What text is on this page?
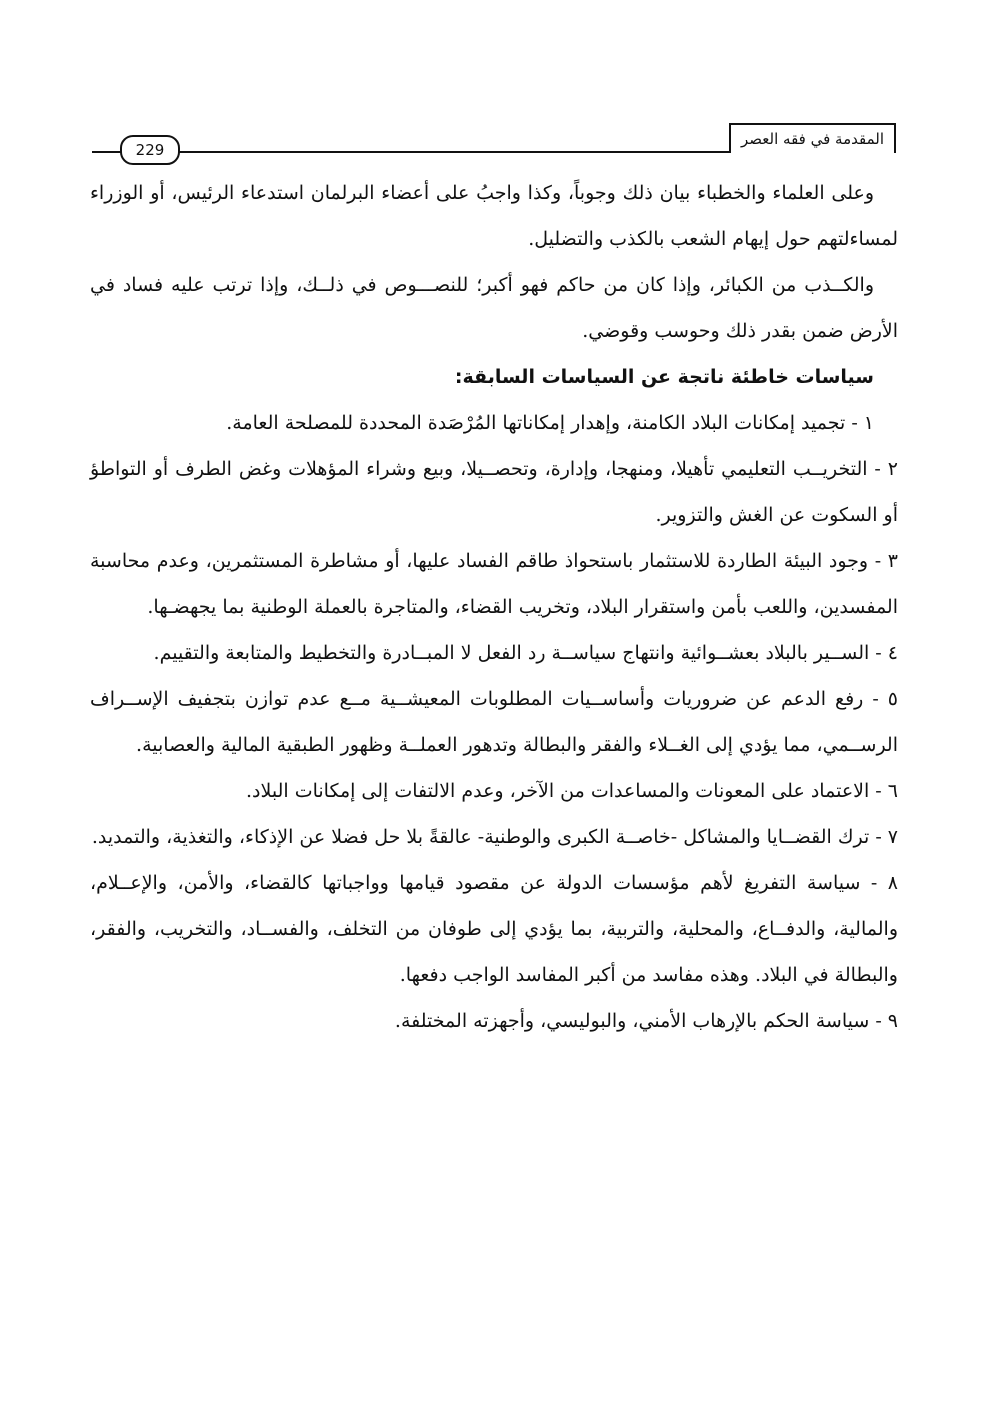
المقدمة في فقه العصر
229

وعلى العلماء والخطباء بيان ذلك وجوباً، وكذا واجبُ على أعضاء البرلمان استدعاء الرئيس، أو الوزراء لمساءلتهم حول إيهام الشعب بالكذب والتضليل.

والكــذب من الكبائر، وإذا كان من حاكم فهو أكبر؛ للنصـــوص في ذلــك، وإذا ترتب عليه فساد في الأرض ضمن بقدر ذلك وحوسب وقوضي.

سياسات خاطئة ناتجة عن السياسات السابقة:

١ - تجميد إمكانات البلاد الكامنة، وإهدار إمكاناتها المُرْصَدة المحددة للمصلحة العامة.

٢ - التخريــب التعليمي تأهيلا، ومنهجا، وإدارة، وتحصــيلا، وبيع وشراء المؤهلات وغض الطرف أو التواطؤ أو السكوت عن الغش والتزوير.

٣ - وجود البيئة الطاردة للاستثمار باستحواذ طاقم الفساد عليها، أو مشاطرة المستثمرين، وعدم محاسبة المفسدين، واللعب بأمن واستقرار البلاد، وتخريب القضاء، والمتاجرة بالعملة الوطنية بما يجهضـها.

٤ - الســير بالبلاد بعشــوائية وانتهاج سياســة رد الفعل لا المبــادرة والتخطيط والمتابعة والتقييم.

٥ - رفع الدعم عن ضروريات وأساســيات المطلوبات المعيشــية مــع عدم توازن بتجفيف الإســراف الرســمي، مما يؤدي إلى الغــلاء والفقر والبطالة وتدهور العملــة وظهور الطبقية المالية والعصابية.

٦ - الاعتماد على المعونات والمساعدات من الآخر، وعدم الالتفات إلى إمكانات البلاد.

٧ - ترك القضــايا والمشاكل -خاصــة الكبرى والوطنية- عالقةً بلا حل فضلا عن الإذكاء، والتغذية، والتمديد.

٨ - سياسة التفريغ لأهم مؤسسات الدولة عن مقصود قيامها وواجباتها كالقضاء، والأمن، والإعــلام، والمالية، والدفــاع، والمحلية، والتربية، بما يؤدي إلى طوفان من التخلف، والفســاد، والتخريب، والفقر، والبطالة في البلاد. وهذه مفاسد من أكبر المفاسد الواجب دفعها.

٩ - سياسة الحكم بالإرهاب الأمني، والبوليسي، وأجهزته المختلفة.
